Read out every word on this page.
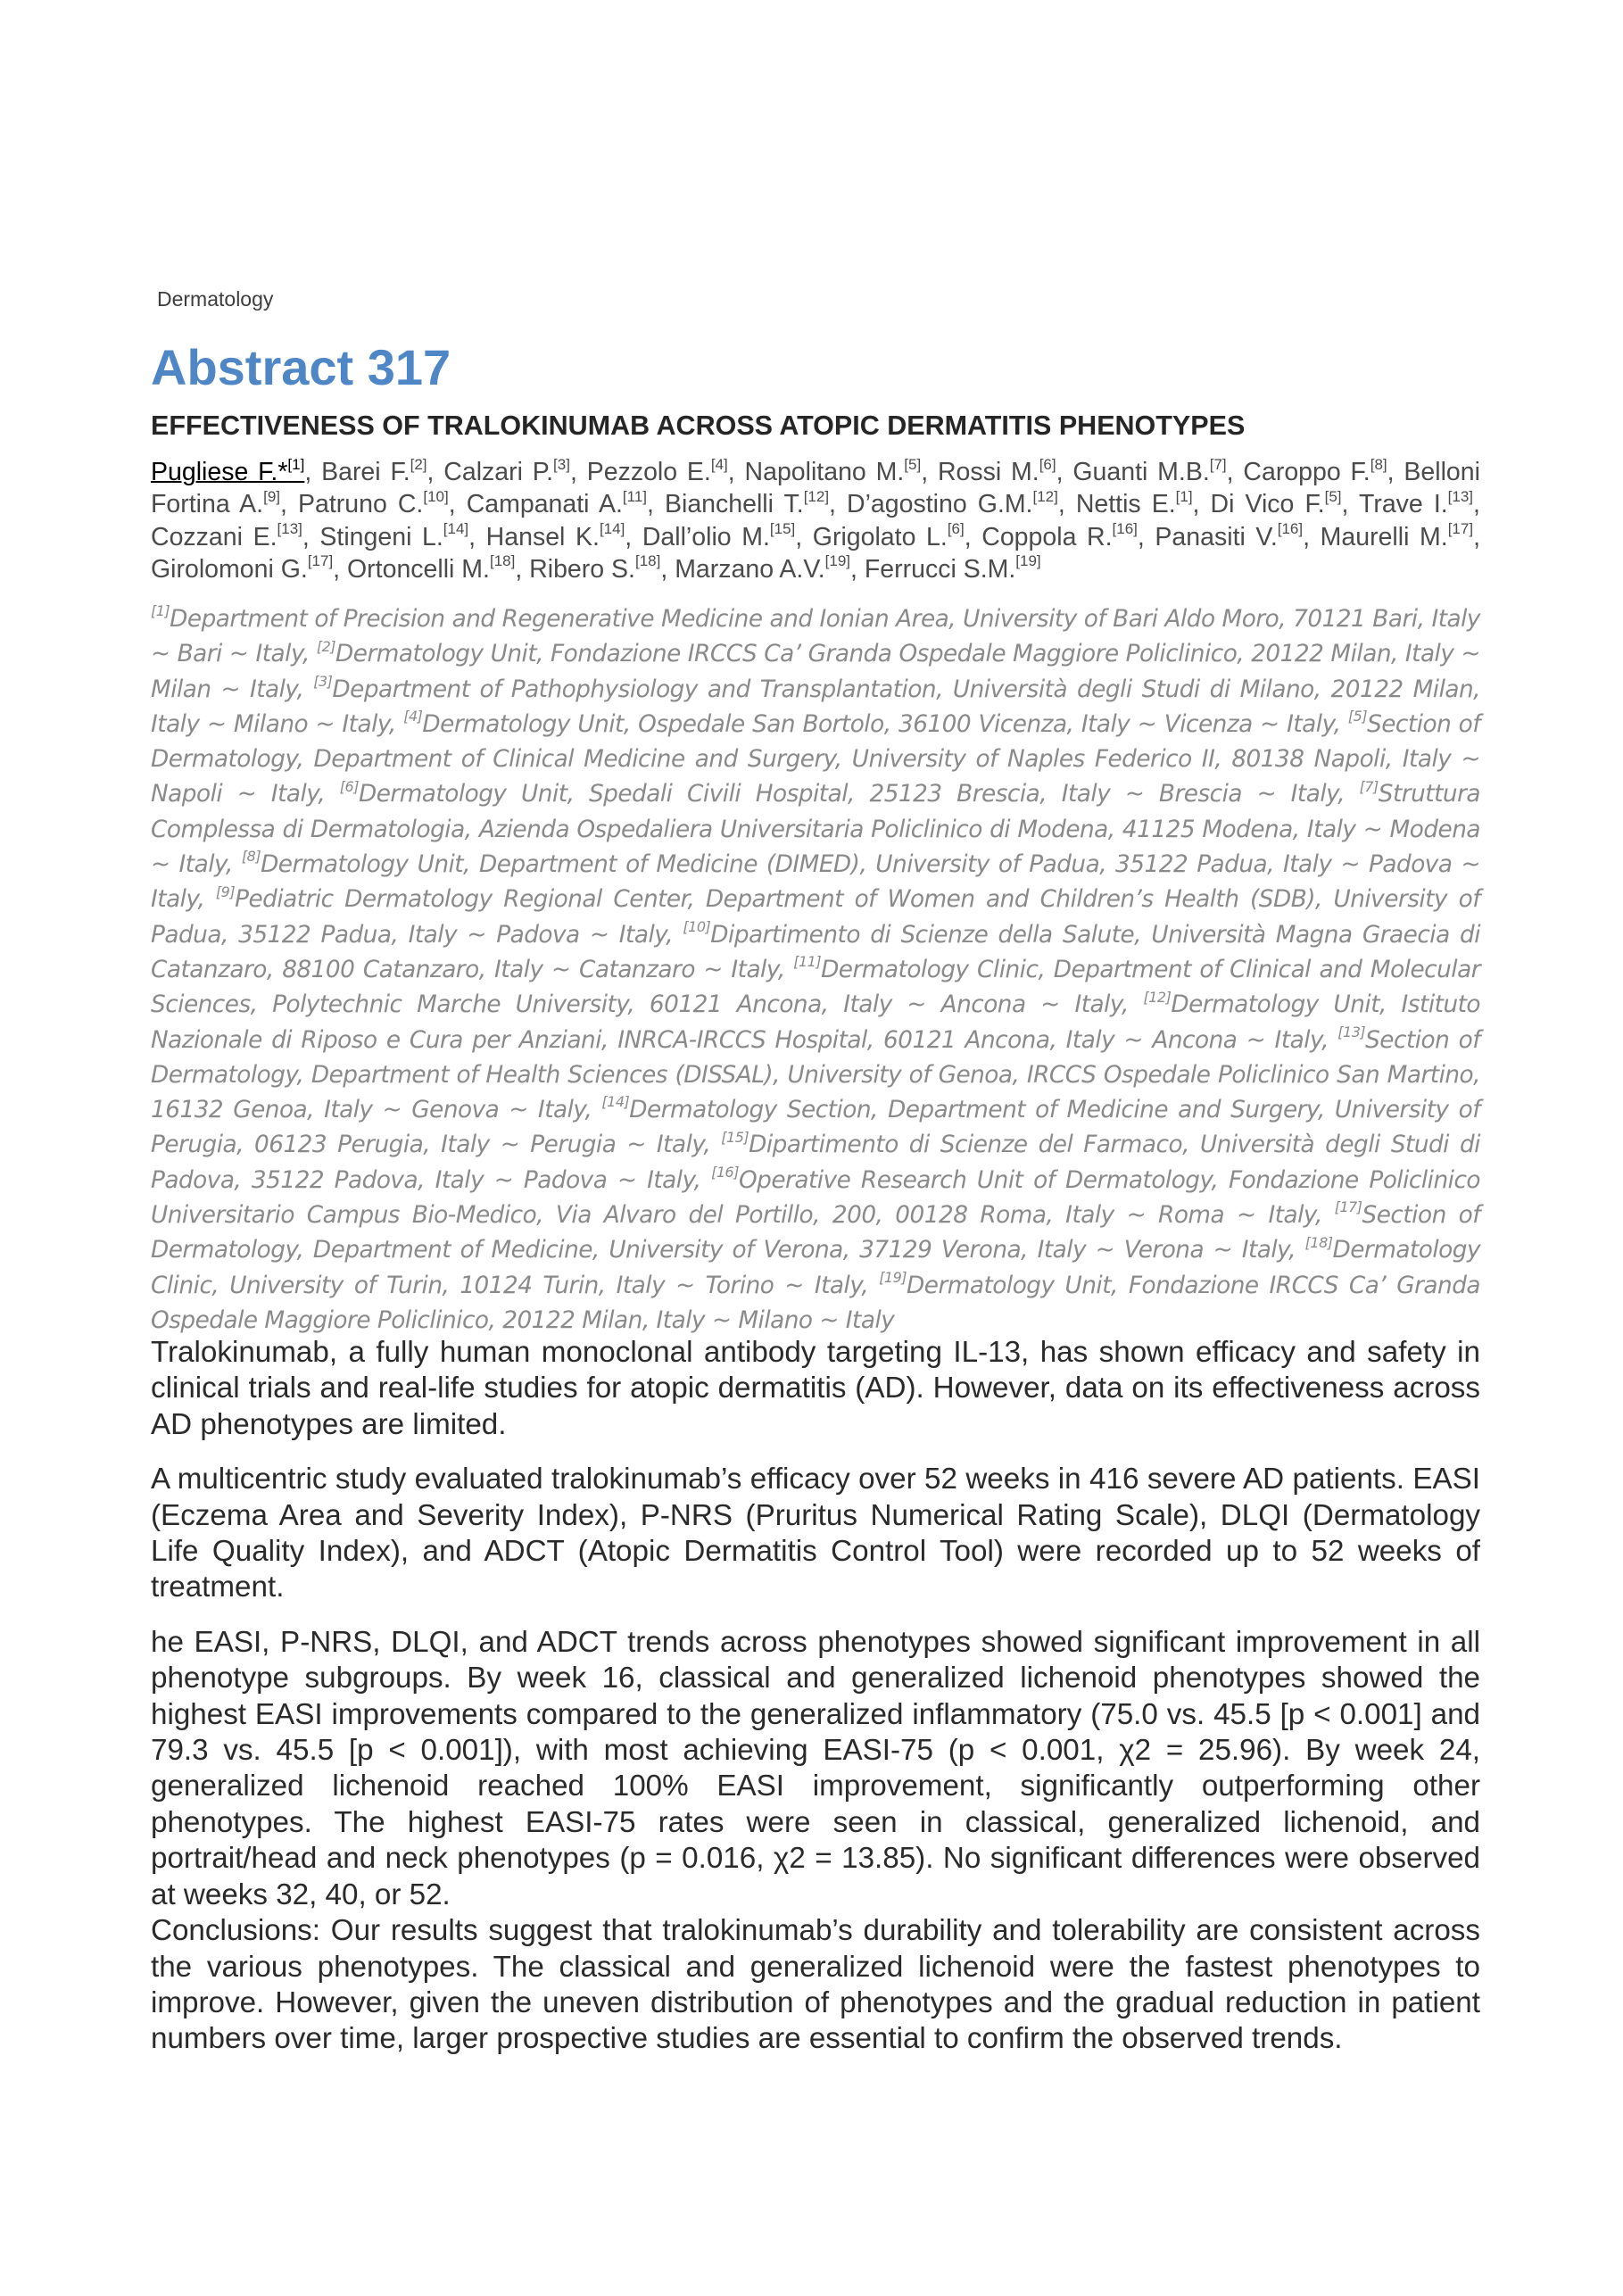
Dermatology
Abstract 317
EFFECTIVENESS OF TRALOKINUMAB ACROSS ATOPIC DERMATITIS PHENOTYPES
Pugliese F.*[1], Barei F.[2], Calzari P.[3], Pezzolo E.[4], Napolitano M.[5], Rossi M.[6], Guanti M.B.[7], Caroppo F.[8], Belloni Fortina A.[9], Patruno C.[10], Campanati A.[11], Bianchelli T.[12], D’agostino G.M.[12], Nettis E.[1], Di Vico F.[5], Trave I.[13], Cozzani E.[13], Stingeni L.[14], Hansel K.[14], Dall’olio M.[15], Grigolato L.[6], Coppola R.[16], Panasiti V.[16], Maurelli M.[17], Girolomoni G.[17], Ortoncelli M.[18], Ribero S.[18], Marzano A.V.[19], Ferrucci S.M.[19]
[1]Department of Precision and Regenerative Medicine and Ionian Area, University of Bari Aldo Moro, 70121 Bari, Italy ~ Bari ~ Italy, [2]Dermatology Unit, Fondazione IRCCS Ca’ Granda Ospedale Maggiore Policlinico, 20122 Milan, Italy ~ Milan ~ Italy, [3]Department of Pathophysiology and Transplantation, Università degli Studi di Milano, 20122 Milan, Italy ~ Milano ~ Italy, [4]Dermatology Unit, Ospedale San Bortolo, 36100 Vicenza, Italy ~ Vicenza ~ Italy, [5]Section of Dermatology, Department of Clinical Medicine and Surgery, University of Naples Federico II, 80138 Napoli, Italy ~ Napoli ~ Italy, [6]Dermatology Unit, Spedali Civili Hospital, 25123 Brescia, Italy ~ Brescia ~ Italy, [7]Struttura Complessa di Dermatologia, Azienda Ospedaliera Universitaria Policlinico di Modena, 41125 Modena, Italy ~ Modena ~ Italy, [8]Dermatology Unit, Department of Medicine (DIMED), University of Padua, 35122 Padua, Italy ~ Padova ~ Italy, [9]Pediatric Dermatology Regional Center, Department of Women and Children’s Health (SDB), University of Padua, 35122 Padua, Italy ~ Padova ~ Italy, [10]Dipartimento di Scienze della Salute, Università Magna Graecia di Catanzaro, 88100 Catanzaro, Italy ~ Catanzaro ~ Italy, [11]Dermatology Clinic, Department of Clinical and Molecular Sciences, Polytechnic Marche University, 60121 Ancona, Italy ~ Ancona ~ Italy, [12]Dermatology Unit, Istituto Nazionale di Riposo e Cura per Anziani, INRCA-IRCCS Hospital, 60121 Ancona, Italy ~ Ancona ~ Italy, [13]Section of Dermatology, Department of Health Sciences (DISSAL), University of Genoa, IRCCS Ospedale Policlinico San Martino, 16132 Genoa, Italy ~ Genova ~ Italy, [14]Dermatology Section, Department of Medicine and Surgery, University of Perugia, 06123 Perugia, Italy ~ Perugia ~ Italy, [15]Dipartimento di Scienze del Farmaco, Università degli Studi di Padova, 35122 Padova, Italy ~ Padova ~ Italy, [16]Operative Research Unit of Dermatology, Fondazione Policlinico Universitario Campus Bio-Medico, Via Alvaro del Portillo, 200, 00128 Roma, Italy ~ Roma ~ Italy, [17]Section of Dermatology, Department of Medicine, University of Verona, 37129 Verona, Italy ~ Verona ~ Italy, [18]Dermatology Clinic, University of Turin, 10124 Turin, Italy ~ Torino ~ Italy, [19]Dermatology Unit, Fondazione IRCCS Ca’ Granda Ospedale Maggiore Policlinico, 20122 Milan, Italy ~ Milano ~ Italy

Tralokinumab, a fully human monoclonal antibody targeting IL-13, has shown efficacy and safety in clinical trials and real-life studies for atopic dermatitis (AD). However, data on its effectiveness across AD phenotypes are limited.

A multicentric study evaluated tralokinumab’s efficacy over 52 weeks in 416 severe AD patients. EASI (Eczema Area and Severity Index), P-NRS (Pruritus Numerical Rating Scale), DLQI (Dermatology Life Quality Index), and ADCT (Atopic Dermatitis Control Tool) were recorded up to 52 weeks of treatment.

he EASI, P-NRS, DLQI, and ADCT trends across phenotypes showed significant improvement in all phenotype subgroups. By week 16, classical and generalized lichenoid phenotypes showed the highest EASI improvements compared to the generalized inflammatory (75.0 vs. 45.5 [p < 0.001] and 79.3 vs. 45.5 [p < 0.001]), with most achieving EASI-75 (p < 0.001, χ2 = 25.96). By week 24, generalized lichenoid reached 100% EASI improvement, significantly outperforming other phenotypes. The highest EASI-75 rates were seen in classical, generalized lichenoid, and portrait/head and neck phenotypes (p = 0.016, χ2 = 13.85). No significant differences were observed at weeks 32, 40, or 52.

Conclusions: Our results suggest that tralokinumab’s durability and tolerability are consistent across the various phenotypes. The classical and generalized lichenoid were the fastest phenotypes to improve. However, given the uneven distribution of phenotypes and the gradual reduction in patient numbers over time, larger prospective studies are essential to confirm the observed trends.
